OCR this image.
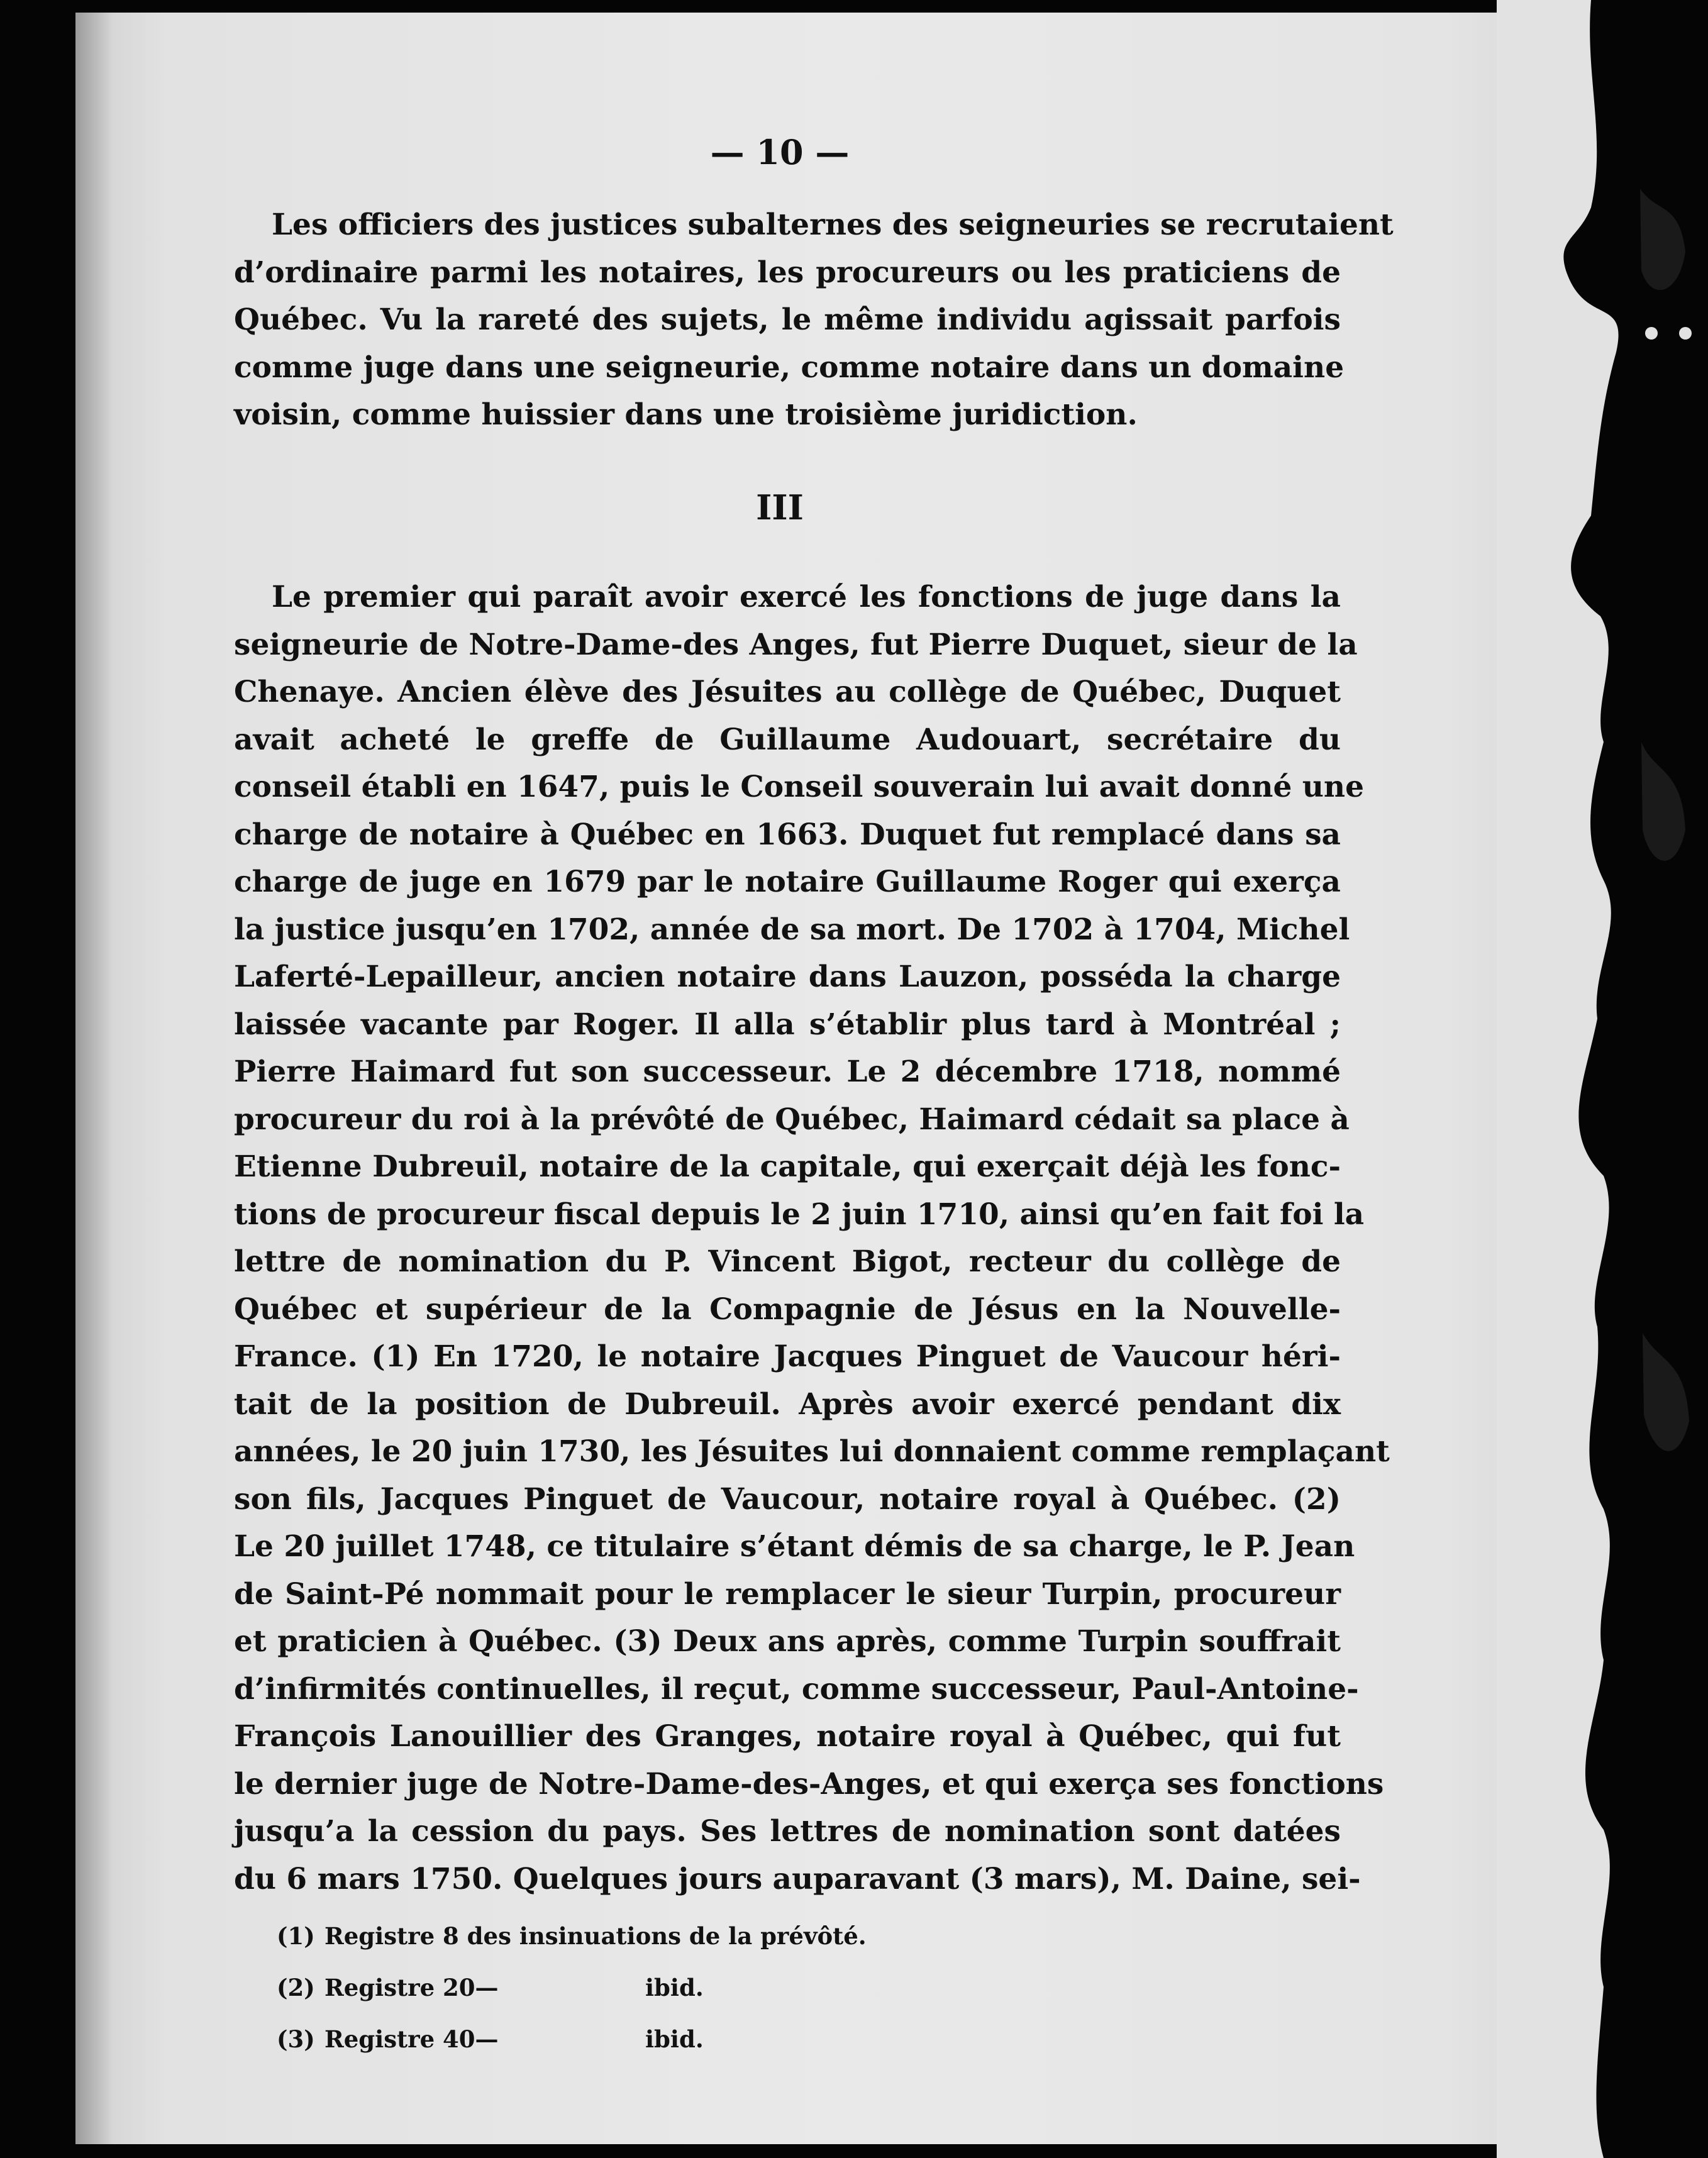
— 10 —
Les officiers des justices subalternes des seigneuries se recrutaient
d’ordinaire parmi les notaires, les procureurs ou les praticiens de
Québec. Vu la rareté des sujets, le même individu agissait parfois
comme juge dans une seigneurie, comme notaire dans un domaine
voisin, comme huissier dans une troisième juridiction.
III
Le premier qui paraît avoir exercé les fonctions de juge dans la
seigneurie de Notre-Dame-des Anges, fut Pierre Duquet, sieur de la
Chenaye. Ancien élève des Jésuites au collège de Québec, Duquet
avait acheté le greffe de Guillaume Audouart, secrétaire du
conseil établi en 1647, puis le Conseil souverain lui avait donné une
charge de notaire à Québec en 1663. Duquet fut remplacé dans sa
charge de juge en 1679 par le notaire Guillaume Roger qui exerça
la justice jusqu’en 1702, année de sa mort. De 1702 à 1704, Michel
Laferté-Lepailleur, ancien notaire dans Lauzon, posséda la charge
laissée vacante par Roger. Il alla s’établir plus tard à Montréal ;
Pierre Haimard fut son successeur. Le 2 décembre 1718, nommé
procureur du roi à la prévôté de Québec, Haimard cédait sa place à
Etienne Dubreuil, notaire de la capitale, qui exerçait déjà les fonc-
tions de procureur fiscal depuis le 2 juin 1710, ainsi qu’en fait foi la
lettre de nomination du P. Vincent Bigot, recteur du collège de
Québec et supérieur de la Compagnie de Jésus en la Nouvelle-
France. (1) En 1720, le notaire Jacques Pinguet de Vaucour héri-
tait de la position de Dubreuil. Après avoir exercé pendant dix
années, le 20 juin 1730, les Jésuites lui donnaient comme remplaçant
son fils, Jacques Pinguet de Vaucour, notaire royal à Québec. (2)
Le 20 juillet 1748, ce titulaire s’étant démis de sa charge, le P. Jean
de Saint-Pé nommait pour le remplacer le sieur Turpin, procureur
et praticien à Québec. (3) Deux ans après, comme Turpin souffrait
d’infirmités continuelles, il reçut, comme successeur, Paul-Antoine-
François Lanouillier des Granges, notaire royal à Québec, qui fut
le dernier juge de Notre-Dame-des-Anges, et qui exerça ses fonctions
jusqu’a la cession du pays. Ses lettres de nomination sont datées
du 6 mars 1750. Quelques jours auparavant (3 mars), M. Daine, sei-
(1) Registre 8 des insinuations de la prévôté.
(2) Registre 20—	ibid.
(3) Registre 40—	ibid.
